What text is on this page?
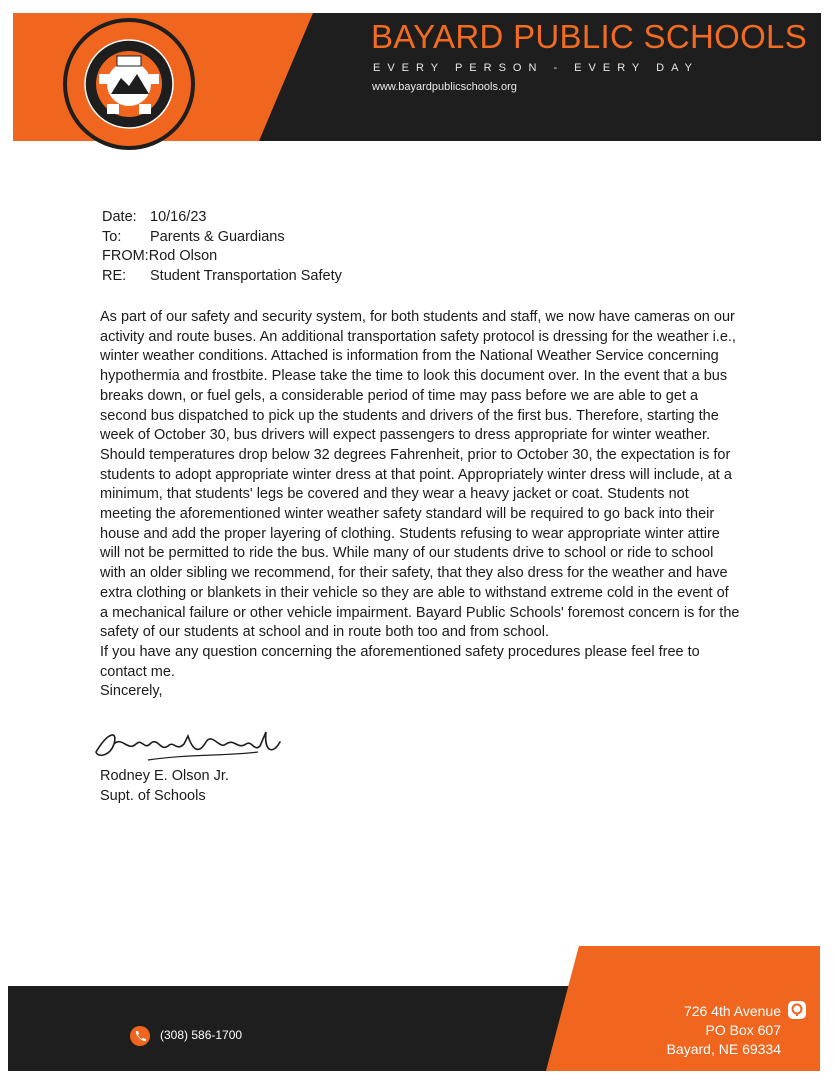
BAYARD PUBLIC SCHOOLS
EVERY PERSON - EVERY DAY
www.bayardpublicschools.org
Date: 10/16/23
To:	Parents & Guardians
FROM: Rod Olson
RE:	Student Transportation Safety

As part of our safety and security system, for both students and staff, we now have cameras on our activity and route buses. An additional transportation safety protocol is dressing for the weather i.e., winter weather conditions. Attached is information from the National Weather Service concerning hypothermia and frostbite. Please take the time to look this document over. In the event that a bus breaks down, or fuel gels, a considerable period of time may pass before we are able to get a second bus dispatched to pick up the students and drivers of the first bus. Therefore, starting the week of October 30, bus drivers will expect passengers to dress appropriate for winter weather. Should temperatures drop below 32 degrees Fahrenheit, prior to October 30, the expectation is for students to adopt appropriate winter dress at that point. Appropriately winter dress will include, at a minimum, that students' legs be covered and they wear a heavy jacket or coat. Students not meeting the aforementioned winter weather safety standard will be required to go back into their house and add the proper layering of clothing. Students refusing to wear appropriate winter attire will not be permitted to ride the bus. While many of our students drive to school or ride to school with an older sibling we recommend, for their safety, that they also dress for the weather and have extra clothing or blankets in their vehicle so they are able to withstand extreme cold in the event of a mechanical failure or other vehicle impairment. Bayard Public Schools' foremost concern is for the safety of our students at school and in route both too and from school.

If you have any question concerning the aforementioned safety procedures please feel free to contact me.

Sincerely,

Rodney E. Olson Jr.
Supt. of Schools
(308) 586-1700
726 4th Avenue
PO Box 607
Bayard, NE 69334
